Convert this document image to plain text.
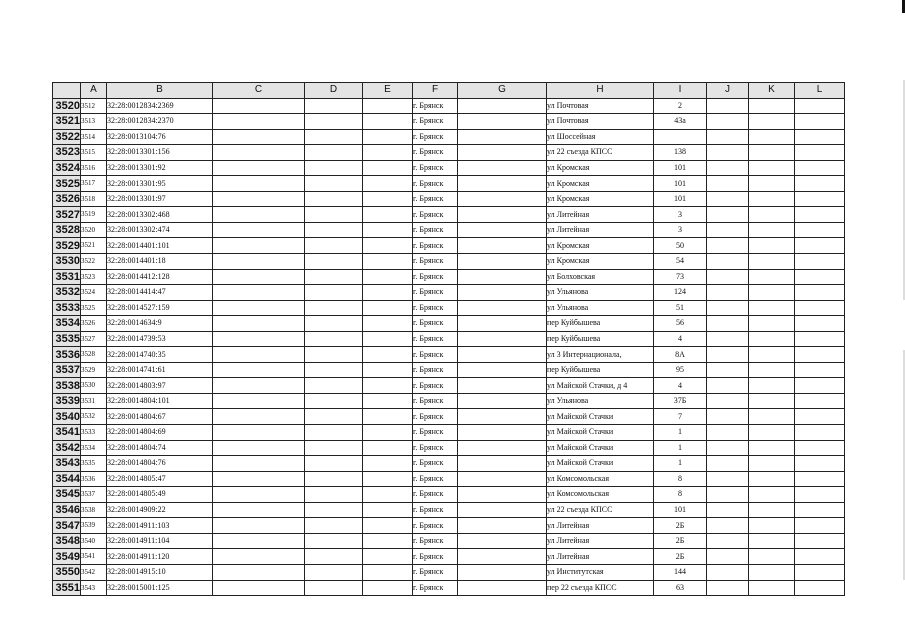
	A	B	C	D	E	F	G	H	I	J	K	L
3520	3512	32:28:0012834:2369				г. Брянск		ул Почтовая	2			
3521	3513	32:28:0012834:2370				г. Брянск		ул Почтовая	43а			
3522	3514	32:28:0013104:76				г. Брянск		ул Шоссейная				
3523	3515	32:28:0013301:156				г. Брянск		ул 22 съезда КПСС	138			
3524	3516	32:28:0013301:92				г. Брянск		ул Кромская	101			
3525	3517	32:28:0013301:95				г. Брянск		ул Кромская	101			
3526	3518	32:28:0013301:97				г. Брянск		ул Кромская	101			
3527	3519	32:28:0013302:468				г. Брянск		ул Литейная	3			
3528	3520	32:28:0013302:474				г. Брянск		ул Литейная	3			
3529	3521	32:28:0014401:101				г. Брянск		ул Кромская	50			
3530	3522	32:28:0014401:18				г. Брянск		ул Кромская	54			
3531	3523	32:28:0014412:128				г. Брянск		ул Болховская	73			
3532	3524	32:28:0014414:47				г. Брянск		ул Ульянова	124			
3533	3525	32:28:0014527:159				г. Брянск		ул Ульянова	51			
3534	3526	32:28:0014634:9				г. Брянск		пер Куйбышева	56			
3535	3527	32:28:0014739:53				г. Брянск		пер Куйбышева	4			
3536	3528	32:28:0014740:35				г. Брянск		ул 3 Интернационала,	8А			
3537	3529	32:28:0014741:61				г. Брянск		пер Куйбышева	95			
3538	3530	32:28:0014803:97				г. Брянск		ул Майской Стачки, д 4	4			
3539	3531	32:28:0014804:101				г. Брянск		ул Ульянова	37Б			
3540	3532	32:28:0014804:67				г. Брянск		ул Майской Стачки	7			
3541	3533	32:28:0014804:69				г. Брянск		ул Майской Стачки	1			
3542	3534	32:28:0014804:74				г. Брянск		ул Майской Стачки	1			
3543	3535	32:28:0014804:76				г. Брянск		ул Майской Стачки	1			
3544	3536	32:28:0014805:47				г. Брянск		ул Комсомольская	8			
3545	3537	32:28:0014805:49				г. Брянск		ул Комсомольская	8			
3546	3538	32:28:0014909:22				г. Брянск		ул 22 съезда КПСС	101			
3547	3539	32:28:0014911:103				г. Брянск		ул Литейная	2Б			
3548	3540	32:28:0014911:104				г. Брянск		ул Литейная	2Б			
3549	3541	32:28:0014911:120				г. Брянск		ул Литейная	2Б			
3550	3542	32:28:0014915:10				г. Брянск		ул Институтская	144			
3551	3543	32:28:0015001:125				г. Брянск		пер 22 съезда КПСС	63			
